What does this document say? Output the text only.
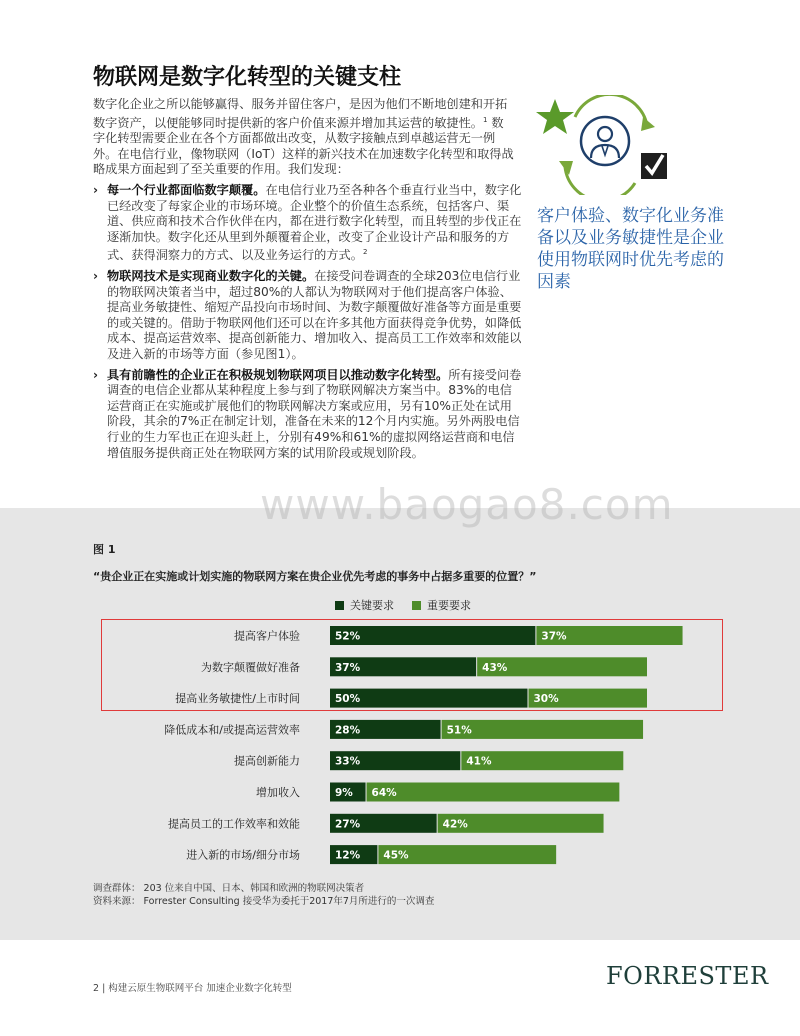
物联网是数字化转型的关键支柱
数字化企业之所以能够赢得、服务并留住客户，是因为他们不断地创建和开拓数字资产，以便能够同时提供新的客户价值来源并增加其运营的敏捷性。$^1$ 数字化转型需要企业在各个方面都做出改变，从数字接触点到卓越运营无一例外。在电信行业，像物联网（IoT）这样的新兴技术在加速数字化转型和取得战略成果方面起到了至关重要的作用。我们发现：
› 每一个行业都面临数字颠覆。在电信行业乃至各种各个垂直行业当中，数字化已经改变了每家企业的市场环境。企业整个的价值生态系统，包括客户、渠道、供应商和技术合作伙伴在内，都在进行数字化转型，而且转型的步伐正在逐渐加快。数字化还从里到外颠覆着企业，改变了企业设计产品和服务的方式、获得洞察力的方式、以及业务运行的方式。$^2$
› 物联网技术是实现商业数字化的关键。在接受问卷调查的全球203位电信行业的物联网决策者当中，超过80%的人都认为物联网对于他们提高客户体验、提高业务敏捷性、缩短产品投向市场时间、为数字颠覆做好准备等方面是重要的或关键的。借助于物联网他们还可以在许多其他方面获得竞争优势，如降低成本、提高运营效率、提高创新能力、增加收入、提高员工工作效率和效能以及进入新的市场等方面（参见图1）。
› 具有前瞻性的企业正在积极规划物联网项目以推动数字化转型。所有接受问卷调查的电信企业都从某种程度上参与到了物联网解决方案当中。83%的电信运营商正在实施或扩展他们的物联网解决方案或应用，另有10%正处在试用阶段，其余的7%正在制定计划，准备在未来的12个月内实施。另外两股电信行业的生力军也正在迎头赶上，分别有49%和61%的虚拟网络运营商和电信增值服务提供商正处在物联网方案的试用阶段或规划阶段。
客户体验、数字化业务准备以及业务敏捷性是企业使用物联网时优先考虑的因素
www.baogao8.com
图 1
“贵企业正在实施或计划实施的物联网方案在贵企业优先考虑的事务中占据多重要的位置？”
关键要求	重要要求
提高客户体验	52%	37%
为数字颠覆做好准备	37%	43%
提高业务敏捷性/上市时间	50%	30%
降低成本和/或提高运营效率	28%	51%
提高创新能力	33%	41%
增加收入	9% 64%
提高员工的工作效率和效能	27%	42%
进入新的市场/细分市场	12% 45%
调查群体： 203 位来自中国、日本、韩国和欧洲的物联网决策者
资料来源： Forrester Consulting 接受华为委托于2017年7月所进行的一次调查
2 | 构建云原生物联网平台 加速企业数字化转型	FORRESTER
